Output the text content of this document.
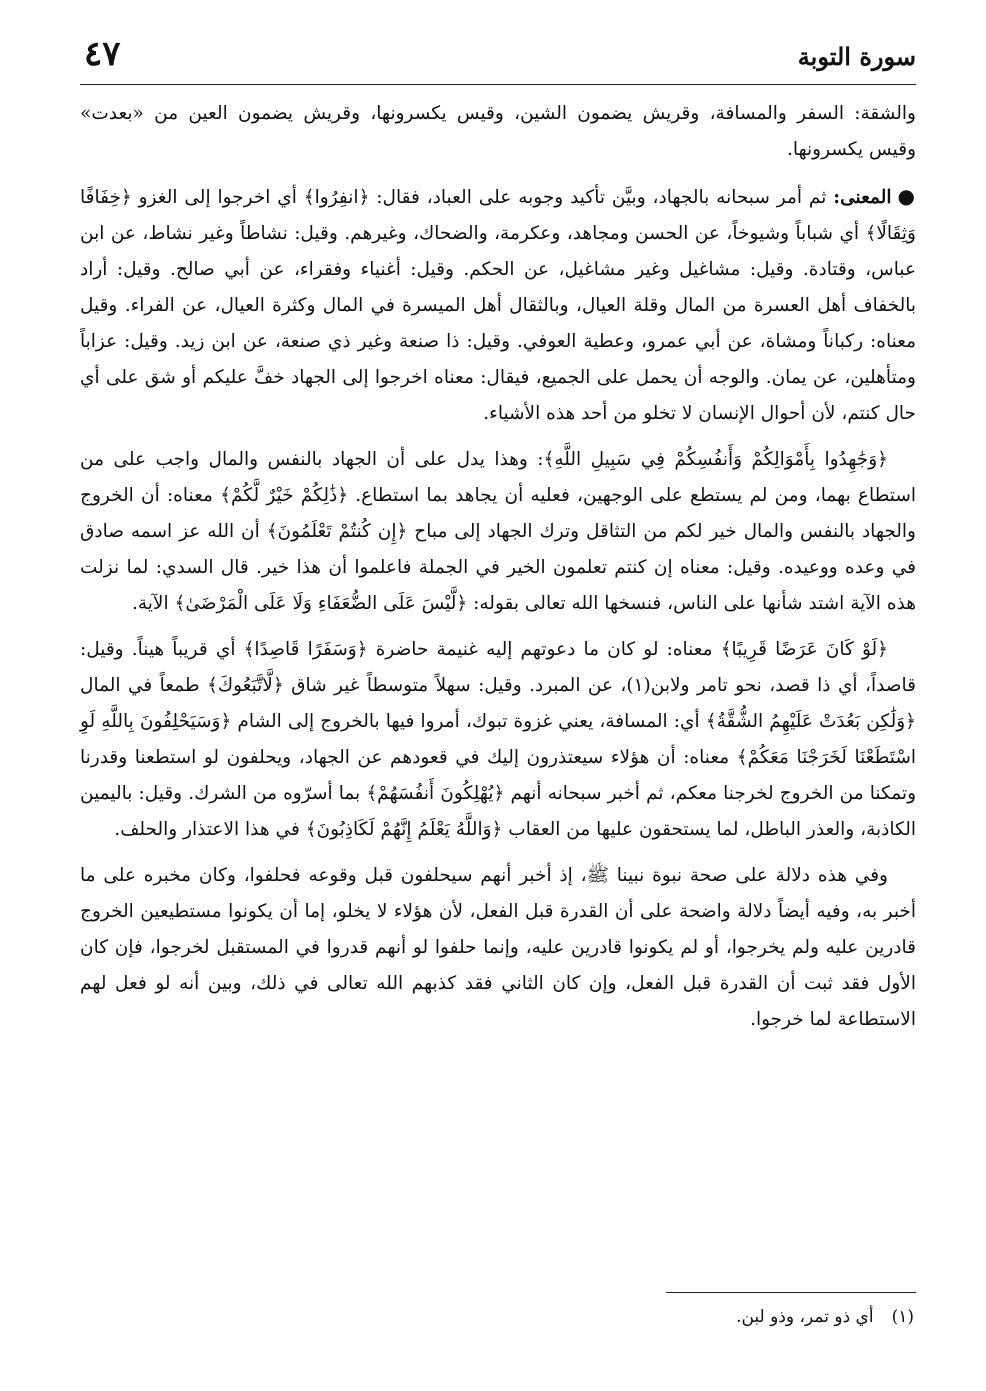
٤٧	سورة التوبة

والشقة: السفر والمسافة، وقريش يضمون الشين، وقيس يكسرونها، وقريش يضمون العين من «بعدت» وقيس يكسرونها.

●المعنى: ثم أمر سبحانه بالجهاد، وبيَّن تأكيد وجوبه على العباد، فقال: ﴿انفِرُوا﴾ أي اخرجوا إلى الغزو ﴿خِفَافًا وَثِقَالًا﴾ أي شباباً وشيوخاً، عن الحسن ومجاهد، وعكرمة، والضحاك، وغيرهم. وقيل: نشاطاً وغير نشاط، عن ابن عباس، وقتادة. وقيل: مشاغيل وغير مشاغيل، عن الحكم. وقيل: أغنياء وفقراء، عن أبي صالح. وقيل: أراد بالخفاف أهل العسرة من المال وقلة العيال، وبالثقال أهل الميسرة في المال وكثرة العيال، عن الفراء. وقيل معناه: ركباناً ومشاة، عن أبي عمرو، وعطية العوفي. وقيل: ذا صنعة وغير ذي صنعة، عن ابن زيد. وقيل: عزاباً ومتأهلين، عن يمان. والوجه أن يحمل على الجميع، فيقال: معناه اخرجوا إلى الجهاد خفَّ عليكم أو شق على أي حال كنتم، لأن أحوال الإنسان لا تخلو من أحد هذه الأشياء.

﴿وَجَٰهِدُوا بِأَمْوَالِكُمْ وَأَنفُسِكُمْ فِي سَبِيلِ اللَّهِ﴾: وهذا يدل على أن الجهاد بالنفس والمال واجب على من استطاع بهما، ومن لم يستطع على الوجهين، فعليه أن يجاهد بما استطاع. ﴿ذَٰلِكُمْ خَيْرٌ لَّكُمْ﴾ معناه: أن الخروج والجهاد بالنفس والمال خير لكم من التثاقل وترك الجهاد إلى مباح ﴿إِن كُنتُمْ تَعْلَمُونَ﴾ أن الله عز اسمه صادق في وعده ووعيده. وقيل: معناه إن كنتم تعلمون الخير في الجملة فاعلموا أن هذا خير. قال السدي: لما نزلت هذه الآية اشتد شأنها على الناس، فنسخها الله تعالى بقوله: ﴿لَّيْسَ عَلَى الضُّعَفَاءِ وَلَا عَلَى الْمَرْضَىٰ﴾ الآية.

﴿لَوْ كَانَ عَرَضًا قَرِيبًا﴾ معناه: لو كان ما دعوتهم إليه غنيمة حاضرة ﴿وَسَفَرًا قَاصِدًا﴾ أي قريباً هيناً. وقيل: قاصداً، أي ذا قصد، نحو تامر ولابن(١)، عن المبرد. وقيل: سهلاً متوسطاً غير شاق ﴿لَّاتَّبَعُوكَ﴾ طمعاً في المال ﴿وَلَٰكِن بَعُدَتْ عَلَيْهِمُ الشُّقَّةُ﴾ أي: المسافة، يعني غزوة تبوك، أمروا فيها بالخروج إلى الشام ﴿وَسَيَحْلِفُونَ بِاللَّهِ لَوِ اسْتَطَعْنَا لَخَرَجْنَا مَعَكُمْ﴾ معناه: أن هؤلاء سيعتذرون إليك في قعودهم عن الجهاد، ويحلفون لو استطعنا وقدرنا وتمكنا من الخروج لخرجنا معكم، ثم أخبر سبحانه أنهم ﴿يُهْلِكُونَ أَنفُسَهُمْ﴾ بما أسرّوه من الشرك. وقيل: باليمين الكاذبة، والعذر الباطل، لما يستحقون عليها من العقاب ﴿وَاللَّهُ يَعْلَمُ إِنَّهُمْ لَكَاذِبُونَ﴾ في هذا الاعتذار والحلف.

وفي هذه دلالة على صحة نبوة نبينا ﷺ، إذ أخبر أنهم سيحلفون قبل وقوعه فحلفوا، وكان مخبره على ما أخبر به، وفيه أيضاً دلالة واضحة على أن القدرة قبل الفعل، لأن هؤلاء لا يخلو، إما أن يكونوا مستطيعين الخروج قادرين عليه ولم يخرجوا، أو لم يكونوا قادرين عليه، وإنما حلفوا لو أنهم قدروا في المستقبل لخرجوا، فإن كان الأول فقد ثبت أن القدرة قبل الفعل، وإن كان الثاني فقد كذبهم الله تعالى في ذلك، وبين أنه لو فعل لهم الاستطاعة لما خرجوا.

(١)أي ذو تمر، وذو لبن.
